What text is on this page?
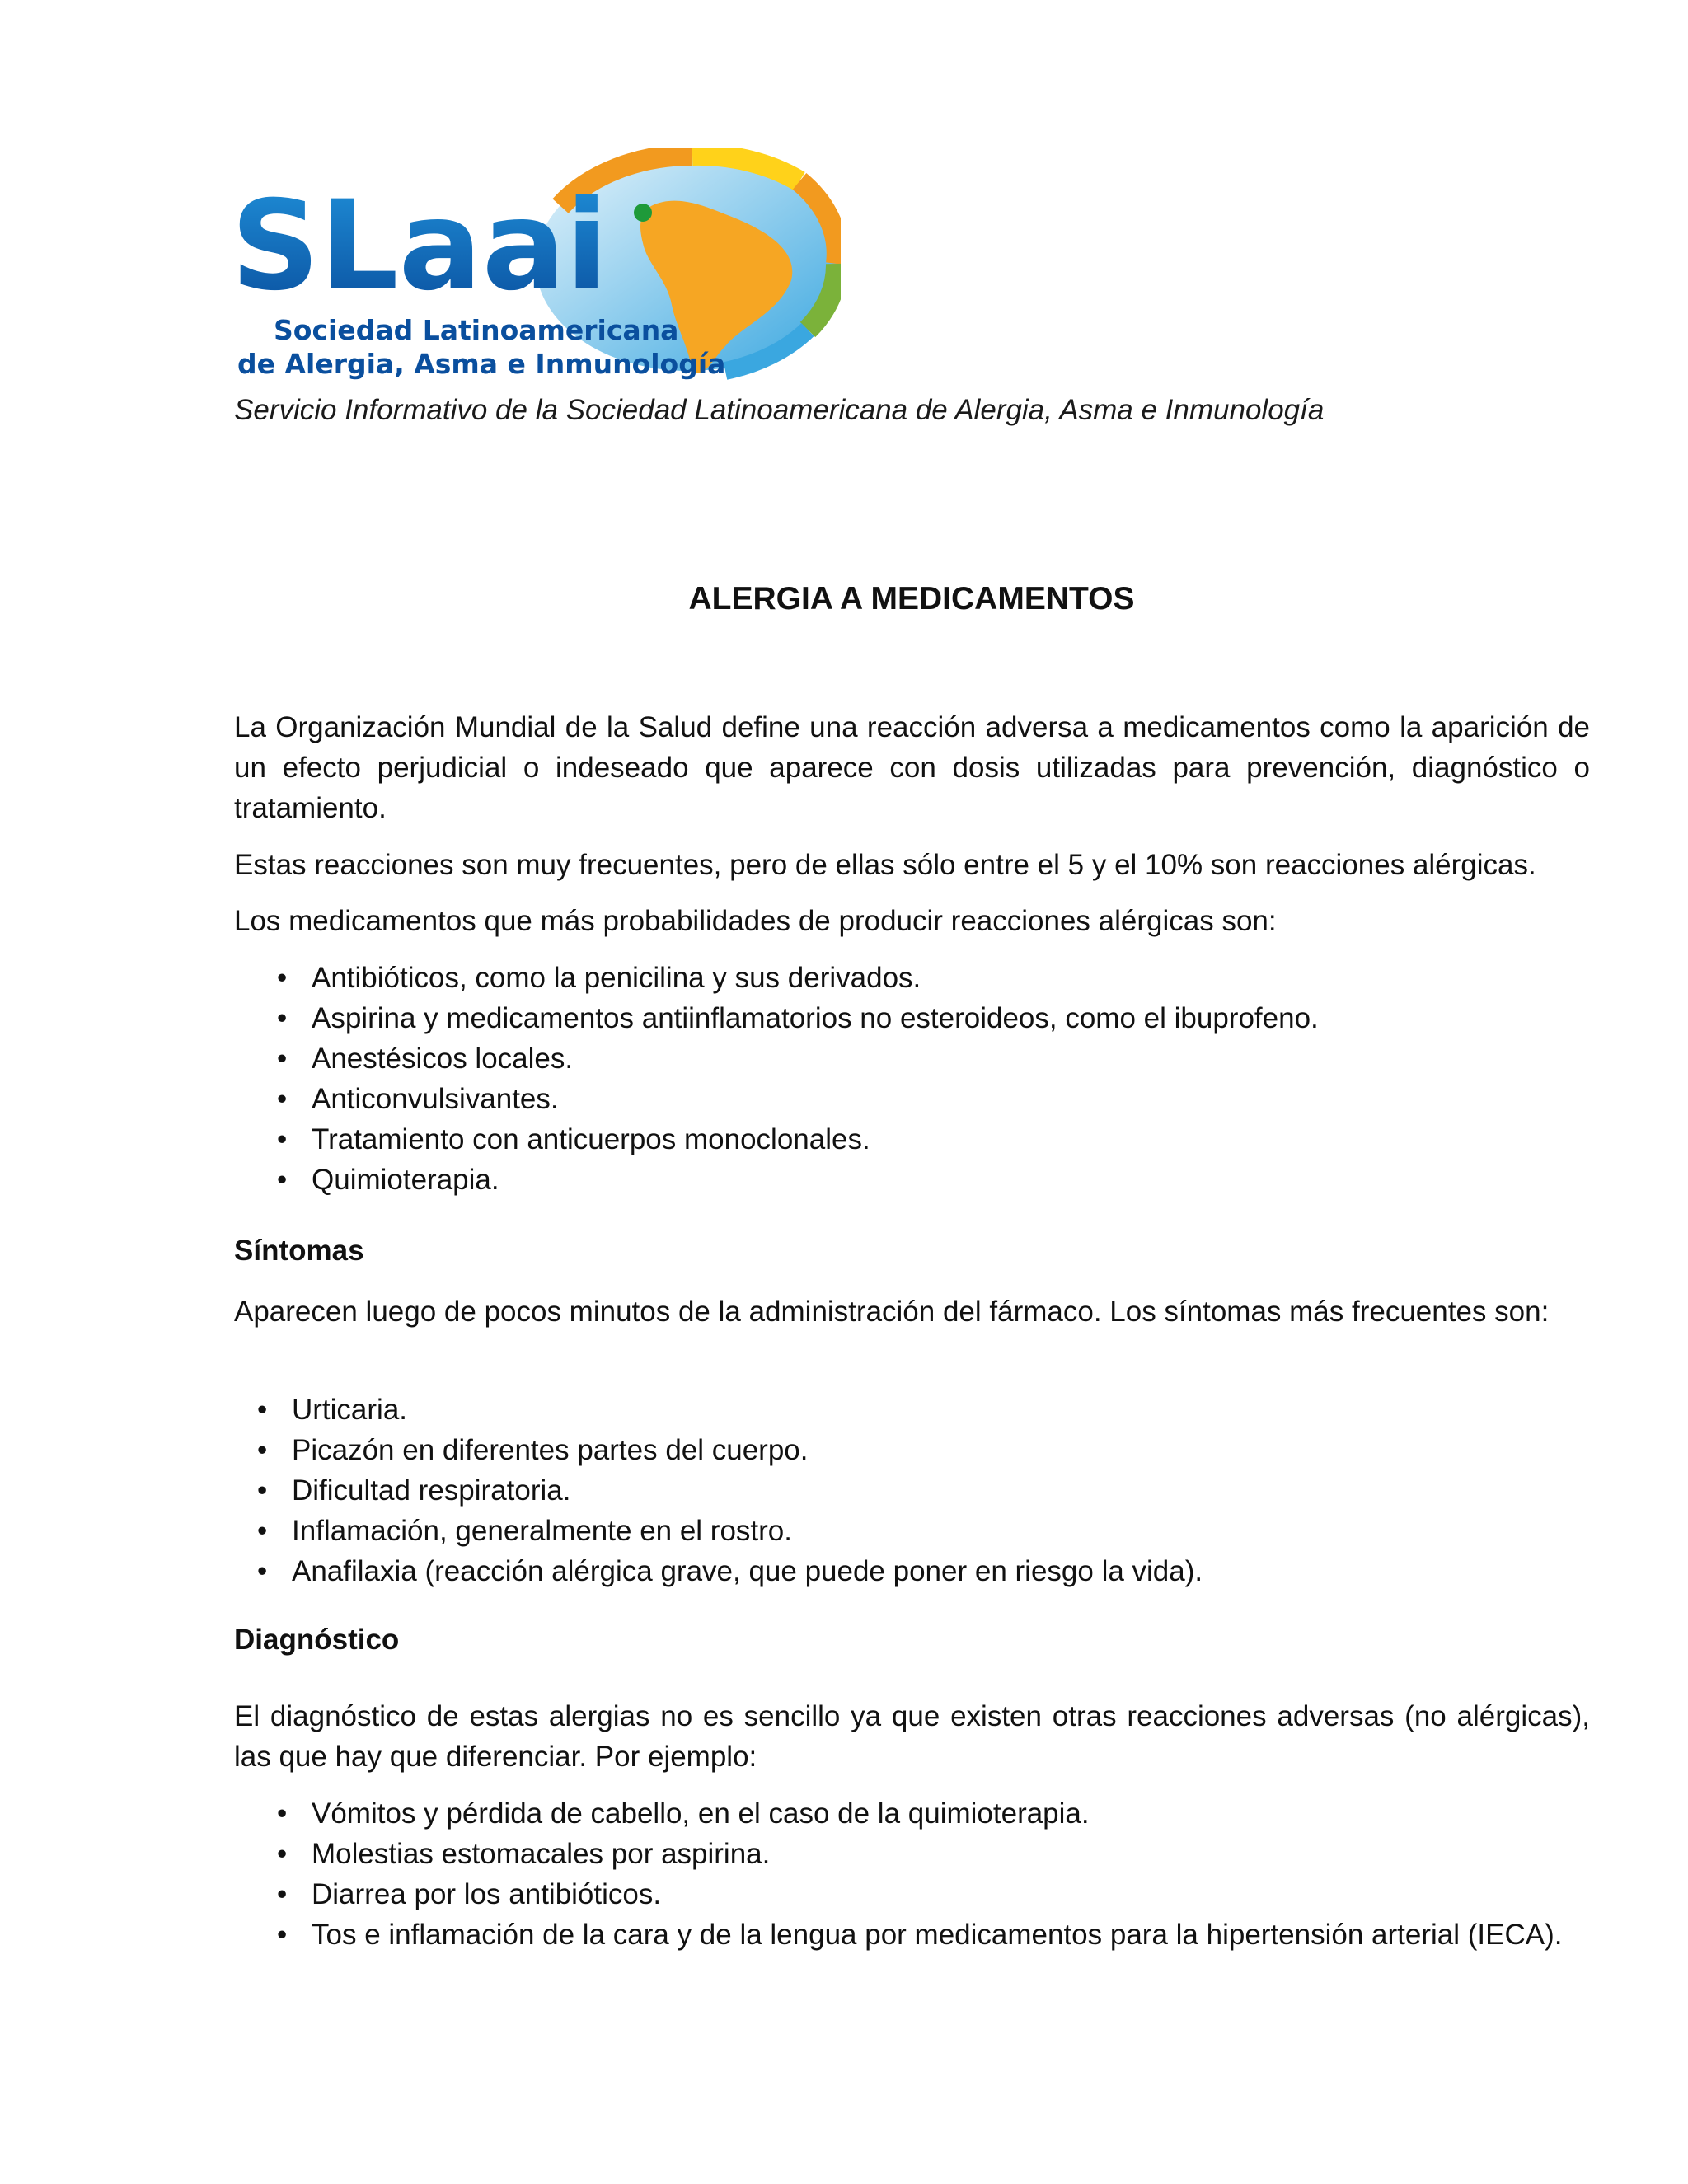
SLaai
Sociedad Latinoamericana
de Alergia, Asma e Inmunología
Servicio Informativo de la Sociedad Latinoamericana de Alergia, Asma e Inmunología
ALERGIA A MEDICAMENTOS

La Organización Mundial de la Salud define una reacción adversa a medicamentos como la aparición de un efecto perjudicial o indeseado que aparece con dosis utilizadas para prevención, diagnóstico o tratamiento.

Estas reacciones son muy frecuentes, pero de ellas sólo entre el 5 y el 10% son reacciones alérgicas.

Los medicamentos que más probabilidades de producir reacciones alérgicas son:

• Antibióticos, como la penicilina y sus derivados.
• Aspirina y medicamentos antiinflamatorios no esteroideos, como el ibuprofeno.
• Anestésicos locales.
• Anticonvulsivantes.
• Tratamiento con anticuerpos monoclonales.
• Quimioterapia.
Síntomas

Aparecen luego de pocos minutos de la administración del fármaco. Los síntomas más frecuentes son:

• Urticaria.
• Picazón en diferentes partes del cuerpo.
• Dificultad respiratoria.
• Inflamación, generalmente en el rostro.
• Anafilaxia (reacción alérgica grave, que puede poner en riesgo la vida).
Diagnóstico

El diagnóstico de estas alergias no es sencillo ya que existen otras reacciones adversas (no alérgicas), las que hay que diferenciar. Por ejemplo:

• Vómitos y pérdida de cabello, en el caso de la quimioterapia.
• Molestias estomacales por aspirina.
• Diarrea por los antibióticos.
• Tos e inflamación de la cara y de la lengua por medicamentos para la hipertensión arterial (IECA).
